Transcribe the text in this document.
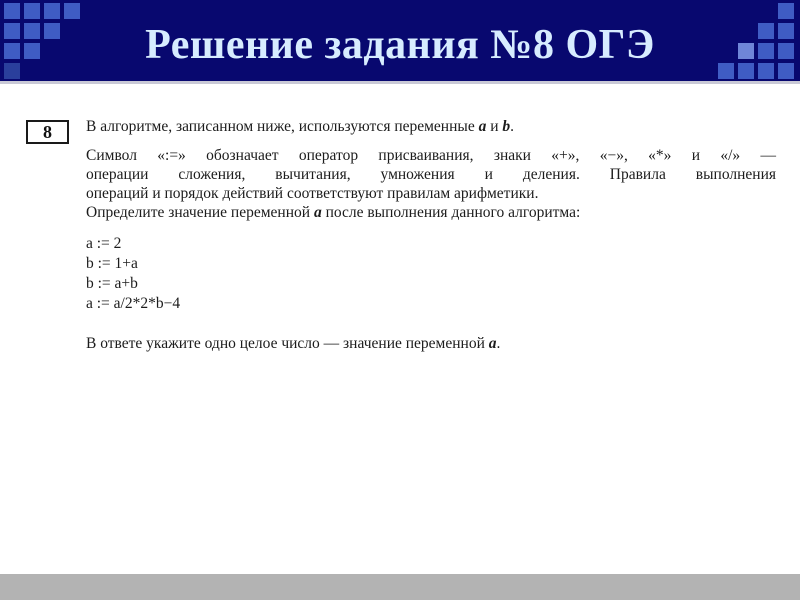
Решение задания №8 ОГЭ
8	В алгоритме, записанном ниже, используются переменные a и b.
Символ «:=» обозначает оператор присваивания, знаки «+», «−», «*» и «/» —
операции сложения, вычитания, умножения и деления. Правила выполнения
операций и порядок действий соответствуют правилам арифметики.
Определите значение переменной a после выполнения данного алгоритма:
a := 2
b := 1+a
b := a+b
a := a/2*2*b−4
В ответе укажите одно целое число — значение переменной a.
